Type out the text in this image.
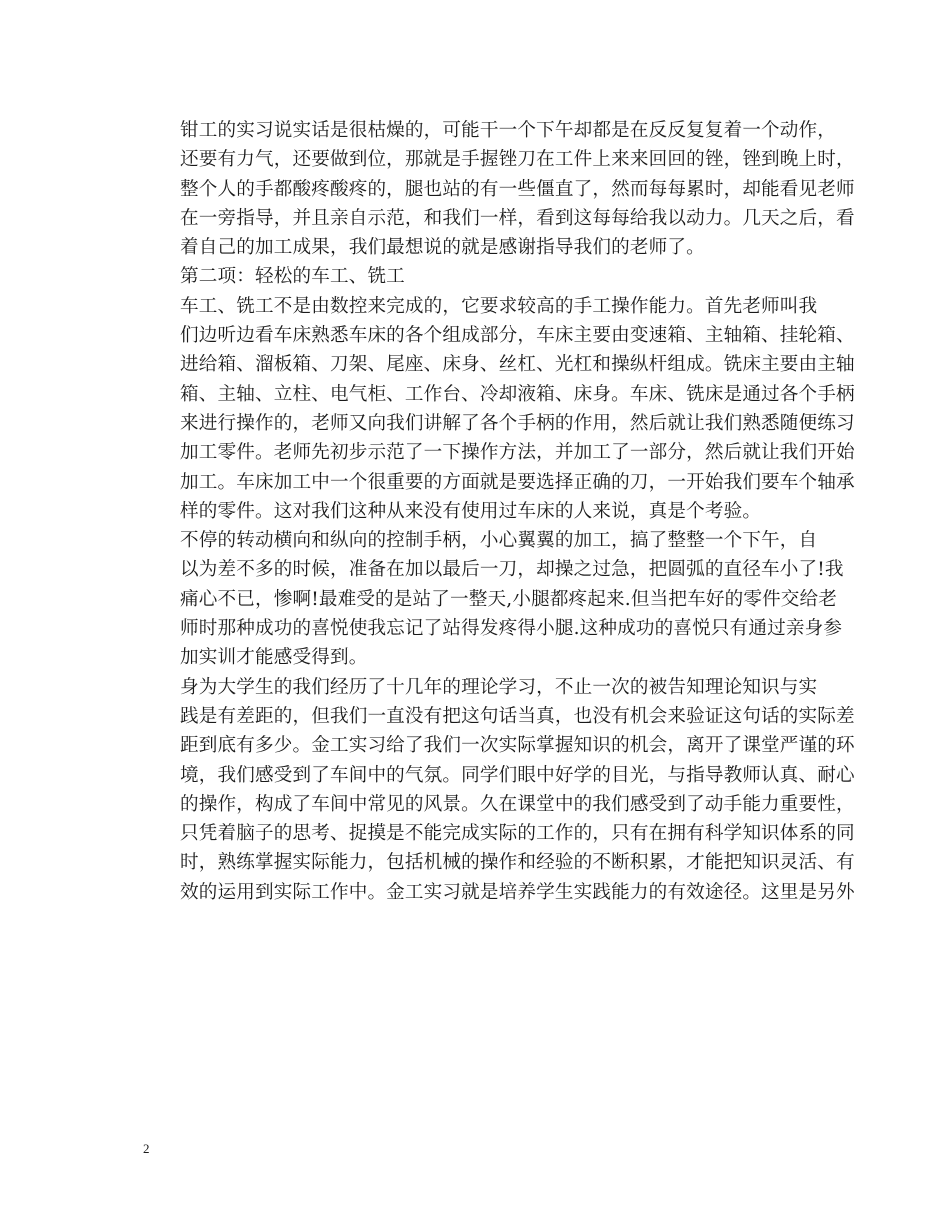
钳工的实习说实话是很枯燥的，可能干一个下午却都是在反反复复着一个动作，
还要有力气，还要做到位，那就是手握锉刀在工件上来来回回的锉，锉到晚上时，
整个人的手都酸疼酸疼的，腿也站的有一些僵直了，然而每每累时，却能看见老师
在一旁指导，并且亲自示范，和我们一样，看到这每每给我以动力。几天之后，看
着自己的加工成果，我们最想说的就是感谢指导我们的老师了。

第二项：轻松的车工、铣工

车工、铣工不是由数控来完成的，它要求较高的手工操作能力。首先老师叫我
们边听边看车床熟悉车床的各个组成部分，车床主要由变速箱、主轴箱、挂轮箱、
进给箱、溜板箱、刀架、尾座、床身、丝杠、光杠和操纵杆组成。铣床主要由主轴
箱、主轴、立柱、电气柜、工作台、冷却液箱、床身。车床、铣床是通过各个手柄
来进行操作的，老师又向我们讲解了各个手柄的作用，然后就让我们熟悉随便练习
加工零件。老师先初步示范了一下操作方法，并加工了一部分，然后就让我们开始
加工。车床加工中一个很重要的方面就是要选择正确的刀，一开始我们要车个轴承
样的零件。这对我们这种从来没有使用过车床的人来说，真是个考验。

不停的转动横向和纵向的控制手柄，小心翼翼的加工，搞了整整一个下午，自
以为差不多的时候，准备在加以最后一刀，却操之过急，把圆弧的直径车小了!我
痛心不已，惨啊!最难受的是站了一整天,小腿都疼起来.但当把车好的零件交给老
师时那种成功的喜悦使我忘记了站得发疼得小腿.这种成功的喜悦只有通过亲身参
加实训才能感受得到。

身为大学生的我们经历了十几年的理论学习，不止一次的被告知理论知识与实
践是有差距的，但我们一直没有把这句话当真，也没有机会来验证这句话的实际差
距到底有多少。金工实习给了我们一次实际掌握知识的机会，离开了课堂严谨的环
境，我们感受到了车间中的气氛。同学们眼中好学的目光，与指导教师认真、耐心
的操作，构成了车间中常见的风景。久在课堂中的我们感受到了动手能力重要性，
只凭着脑子的思考、捉摸是不能完成实际的工作的，只有在拥有科学知识体系的同
时，熟练掌握实际能力，包括机械的操作和经验的不断积累，才能把知识灵活、有
效的运用到实际工作中。金工实习就是培养学生实践能力的有效途径。这里是另外

2
